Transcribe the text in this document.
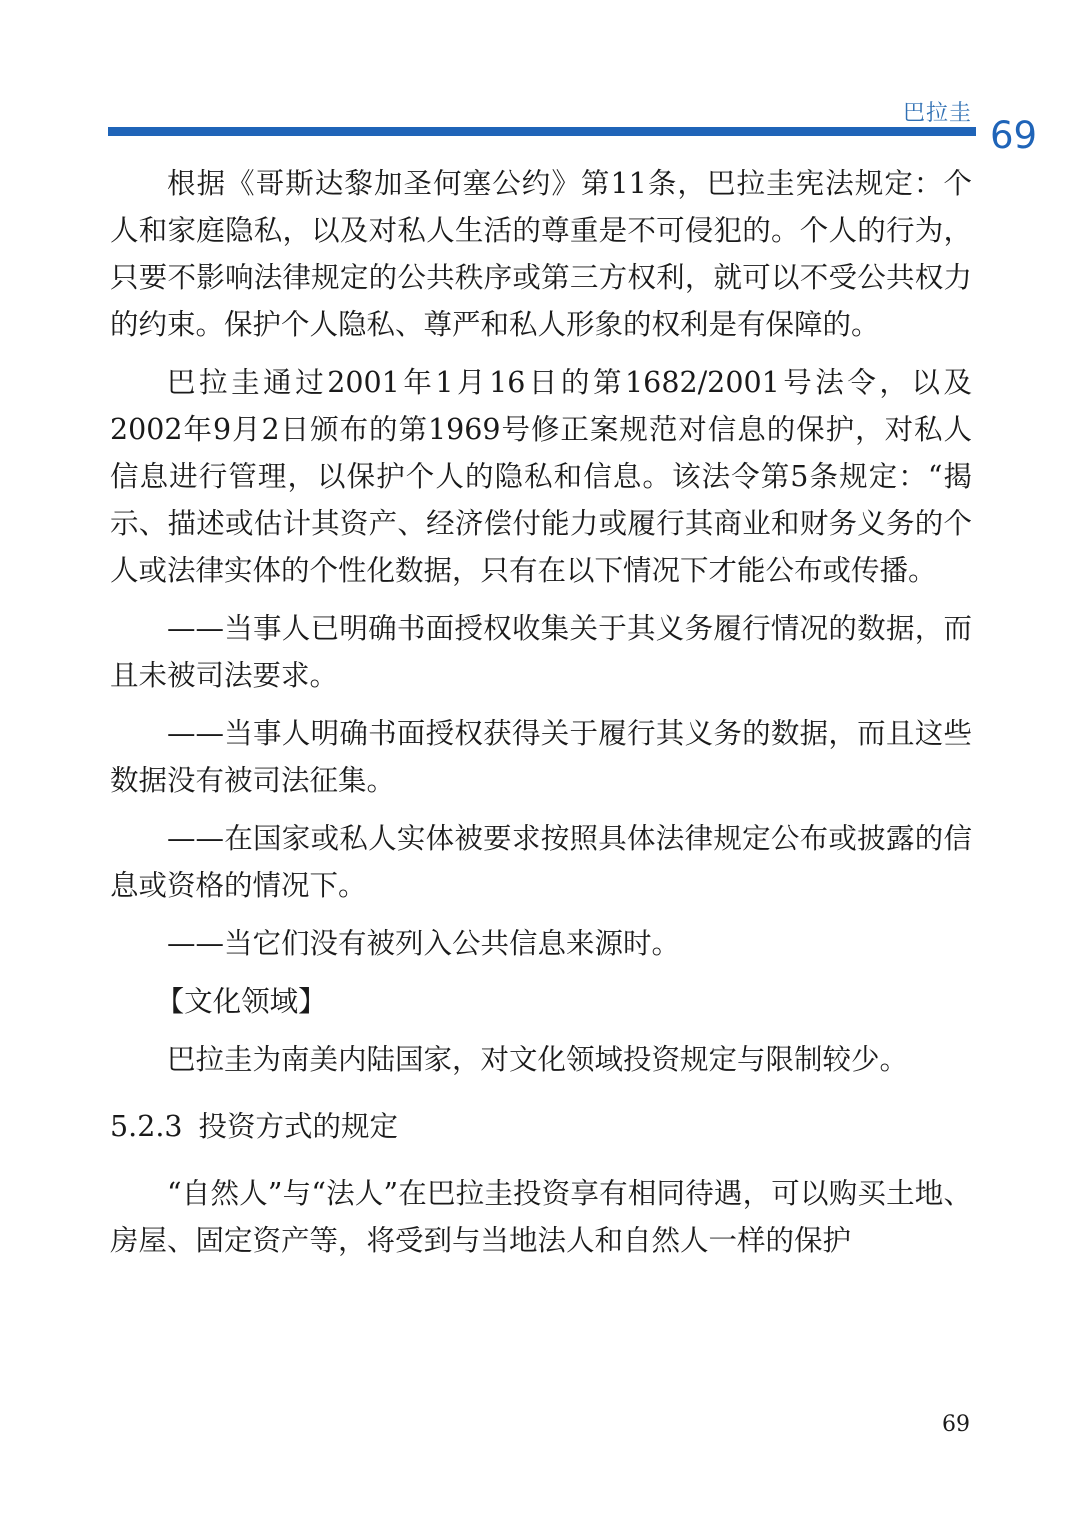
巴拉圭
69

根据《哥斯达黎加圣何塞公约》第11条，巴拉圭宪法规定：个人和家庭隐私，以及对私人生活的尊重是不可侵犯的。个人的行为，只要不影响法律规定的公共秩序或第三方权利，就可以不受公共权力的约束。保护个人隐私、尊严和私人形象的权利是有保障的。

巴拉圭通过2001年1月16日的第1682/2001号法令，以及2002年9月2日颁布的第1969号修正案规范对信息的保护，对私人信息进行管理，以保护个人的隐私和信息。该法令第5条规定：“揭示、描述或估计其资产、经济偿付能力或履行其商业和财务义务的个人或法律实体的个性化数据，只有在以下情况下才能公布或传播。

——当事人已明确书面授权收集关于其义务履行情况的数据，而且未被司法要求。

——当事人明确书面授权获得关于履行其义务的数据，而且这些数据没有被司法征集。

——在国家或私人实体被要求按照具体法律规定公布或披露的信息或资格的情况下。

——当它们没有被列入公共信息来源时。

【文化领域】

巴拉圭为南美内陆国家，对文化领域投资规定与限制较少。

5.2.3 投资方式的规定

“自然人”与“法人”在巴拉圭投资享有相同待遇，可以购买土地、房屋、固定资产等，将受到与当地法人和自然人一样的保护

69
